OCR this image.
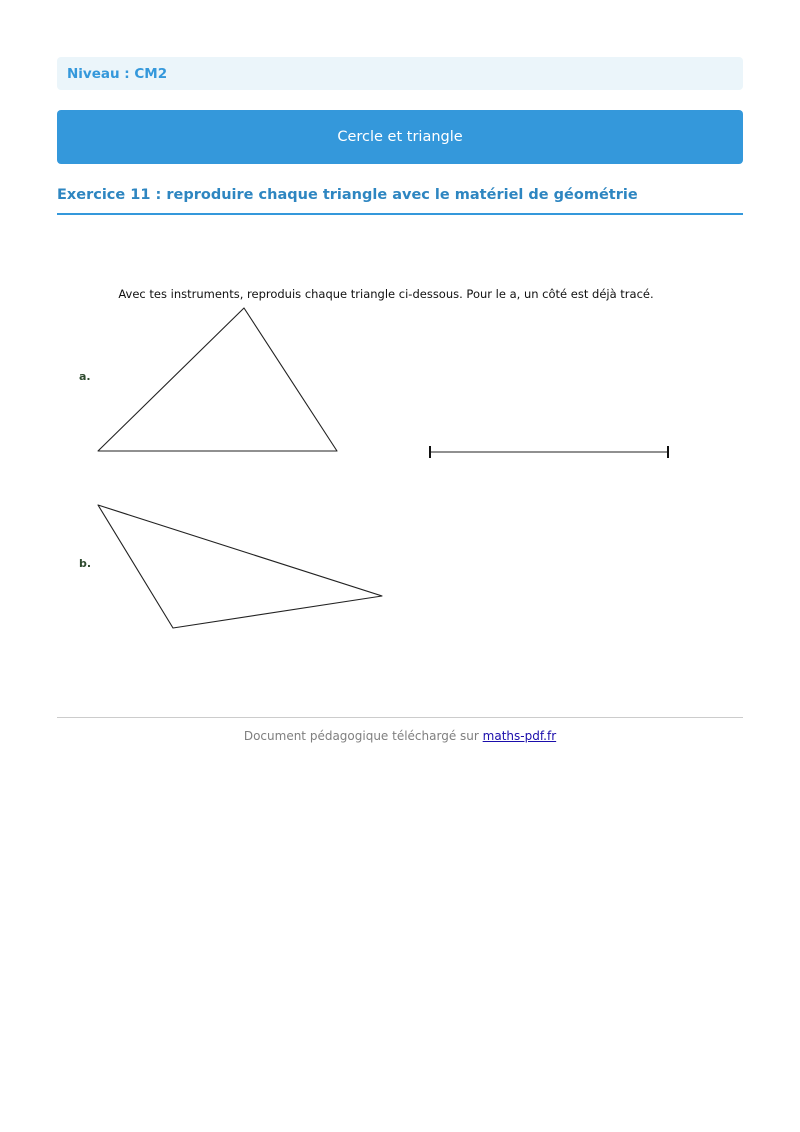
Niveau : CM2
Cercle et triangle
Exercice 11 : reproduire chaque triangle avec le matériel de géométrie
Avec tes instruments, reproduis chaque triangle ci-dessous. Pour le a, un côté est déjà tracé.
a.
b.
Document pédagogique téléchargé sur maths-pdf.fr
